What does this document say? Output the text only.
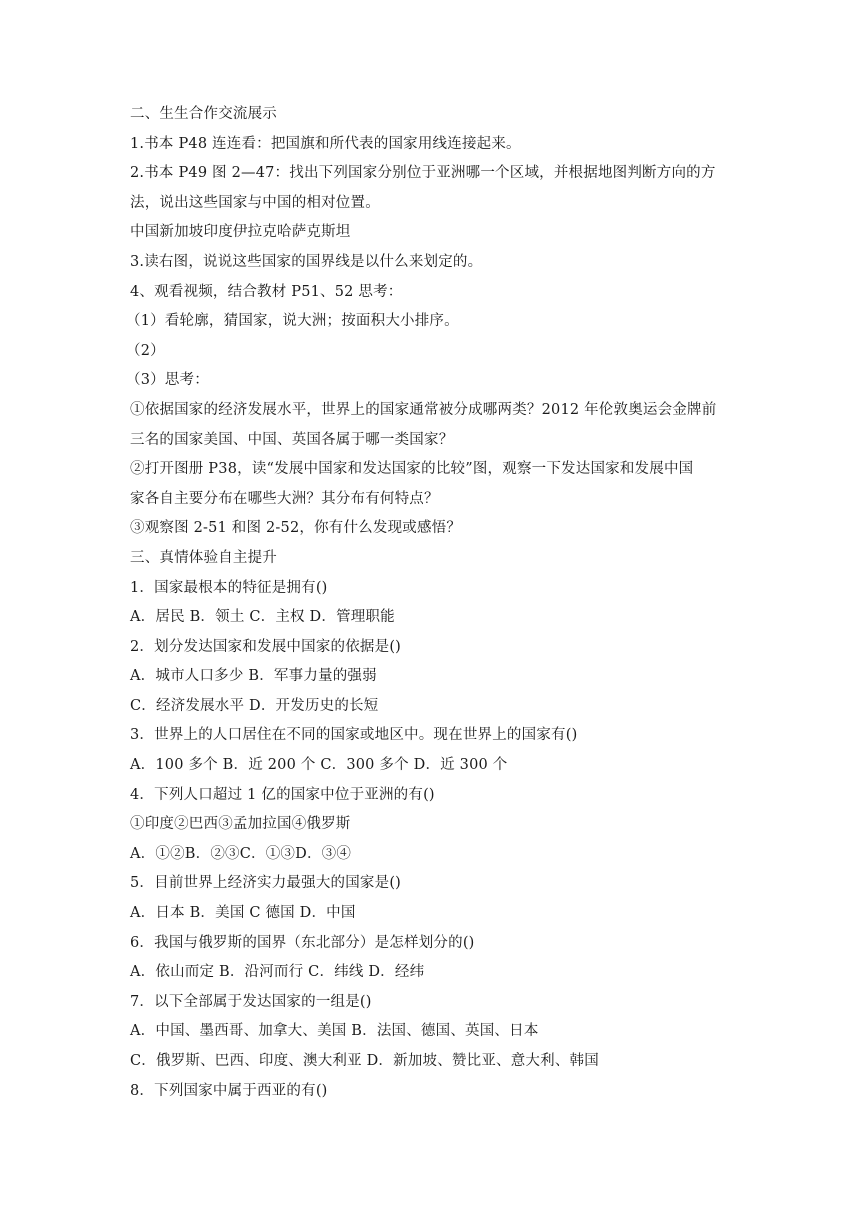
二、生生合作交流展示
1.书本 P48 连连看：把国旗和所代表的国家用线连接起来。
2.书本 P49 图 2—47：找出下列国家分别位于亚洲哪一个区域，并根据地图判断方向的方
法，说出这些国家与中国的相对位置。
中国新加坡印度伊拉克哈萨克斯坦
3.读右图，说说这些国家的国界线是以什么来划定的。
4、观看视频，结合教材 P51、52 思考：
（1）看轮廓，猜国家，说大洲；按面积大小排序。
（2）
（3）思考：
①依据国家的经济发展水平，世界上的国家通常被分成哪两类？2012 年伦敦奥运会金牌前
三名的国家美国、中国、英国各属于哪一类国家？
②打开图册 P38，读“发展中国家和发达国家的比较”图，观察一下发达国家和发展中国
家各自主要分布在哪些大洲？其分布有何特点？
③观察图 2-51 和图 2-52，你有什么发现或感悟？
三、真情体验自主提升
1．国家最根本的特征是拥有()
A．居民 B．领土 C．主权 D．管理职能
2．划分发达国家和发展中国家的依据是()
A．城市人口多少 B．军事力量的强弱
C．经济发展水平 D．开发历史的长短
3．世界上的人口居住在不同的国家或地区中。现在世界上的国家有()
A．100 多个 B．近 200 个 C．300 多个 D．近 300 个
4．下列人口超过 1 亿的国家中位于亚洲的有()
①印度②巴西③孟加拉国④俄罗斯
A．①②B．②③C．①③D．③④
5．目前世界上经济实力最强大的国家是()
A．日本 B．美国 C 德国 D．中国
6．我国与俄罗斯的国界（东北部分）是怎样划分的()
A．依山而定 B．沿河而行 C．纬线 D．经纬
7．以下全部属于发达国家的一组是()
A．中国、墨西哥、加拿大、美国 B．法国、德国、英国、日本
C．俄罗斯、巴西、印度、澳大利亚 D．新加坡、赞比亚、意大利、韩国
8．下列国家中属于西亚的有()
